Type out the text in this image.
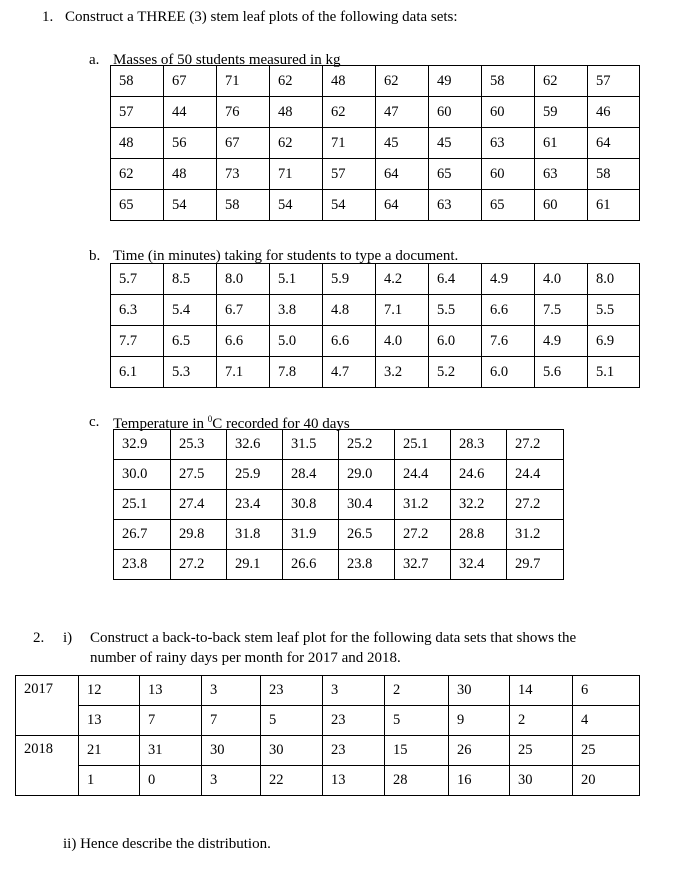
1. Construct a THREE (3) stem leaf plots of the following data sets:
a. Masses of 50 students measured in kg
58	67	71	62	48	62	49	58	62	57
57	44	76	48	62	47	60	60	59	46
48	56	67	62	71	45	45	63	61	64
62	48	73	71	57	64	65	60	63	58
65	54	58	54	54	64	63	65	60	61
b. Time (in minutes) taking for students to type a document.
5.7	8.5	8.0	5.1	5.9	4.2	6.4	4.9	4.0	8.0
6.3	5.4	6.7	3.8	4.8	7.1	5.5	6.6	7.5	5.5
7.7	6.5	6.6	5.0	6.6	4.0	6.0	7.6	4.9	6.9
6.1	5.3	7.1	7.8	4.7	3.2	5.2	6.0	5.6	5.1
c. Temperature in $^0$C recorded for 40 days
32.9	25.3	32.6	31.5	25.2	25.1	28.3	27.2
30.0	27.5	25.9	28.4	29.0	24.4	24.6	24.4
25.1	27.4	23.4	30.8	30.4	31.2	32.2	27.2
26.7	29.8	31.8	31.9	26.5	27.2	28.8	31.2
23.8	27.2	29.1	26.6	23.8	32.7	32.4	29.7
2. i) Construct a back-to-back stem leaf plot for the following data sets that shows the
number of rainy days per month for 2017 and 2018.
2017	12	13	3	23	3	2	30	14	6
	13	7	7	5	23	5	9	2	4
2018	21	31	30	30	23	15	26	25	25
	1	0	3	22	13	28	16	30	20
ii) Hence describe the distribution.
